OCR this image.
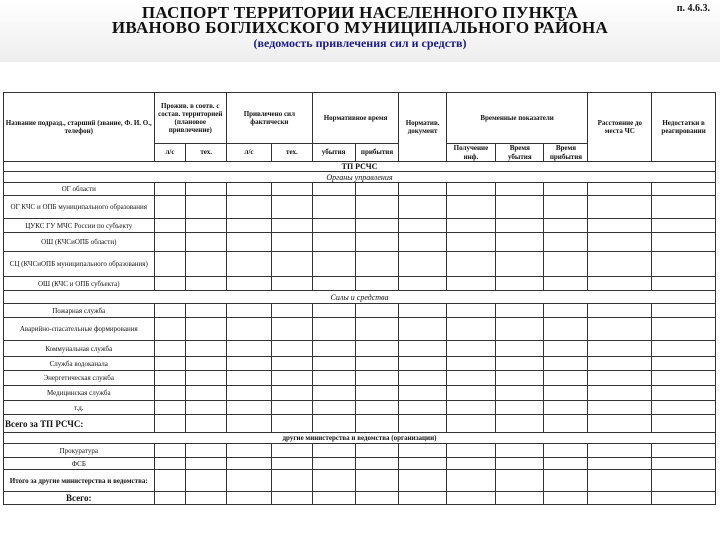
ПАСПОРТ ТЕРРИТОРИИ НАСЕЛЕННОГО ПУНКТА
ИВАНОВО БОГЛИХСКОГО МУНИЦИПАЛЬНОГО РАЙОНА
(ведомость привлечения сил и средств)
п. 4.6.3.
Название подразд., старший (звание, Ф. И. О., телефон)	Прожив. в соотв. с состав. территорией (плановое привлечение)		Привлечено сил фактически		Нормативное время		Норматив. документ	Временные показатели			Расстояние до места ЧС	Недостатки в реагировании
	л/с	тех.	л/с	тех.	убытия	прибытия		Получение инф.	Время убытия	Время прибытия		
ТП РСЧС												
Органы управления												
ОГ области												
ОГ КЧС и ОПБ муниципального образования												
ЦУКС ГУ МЧС России по субъекту												
ОШ (КЧСиОПБ области)												
СЦ (КЧСиОПБ муниципального образования)												
ОШ (КЧС и ОПБ субъекта)												
Силы и средства												
Пожарная служба												
Аварийно-спасательные формирования												
Коммунальная служба												
Служба водоканала												
Энергетическая служба												
Медицинская служба												
т.д.												
Всего за ТП РСЧС:												
другие министерства и ведомства (организации)												
Прокуратура												
ФСБ												
Итого за другие министерства и ведомства:												
Всего:												
